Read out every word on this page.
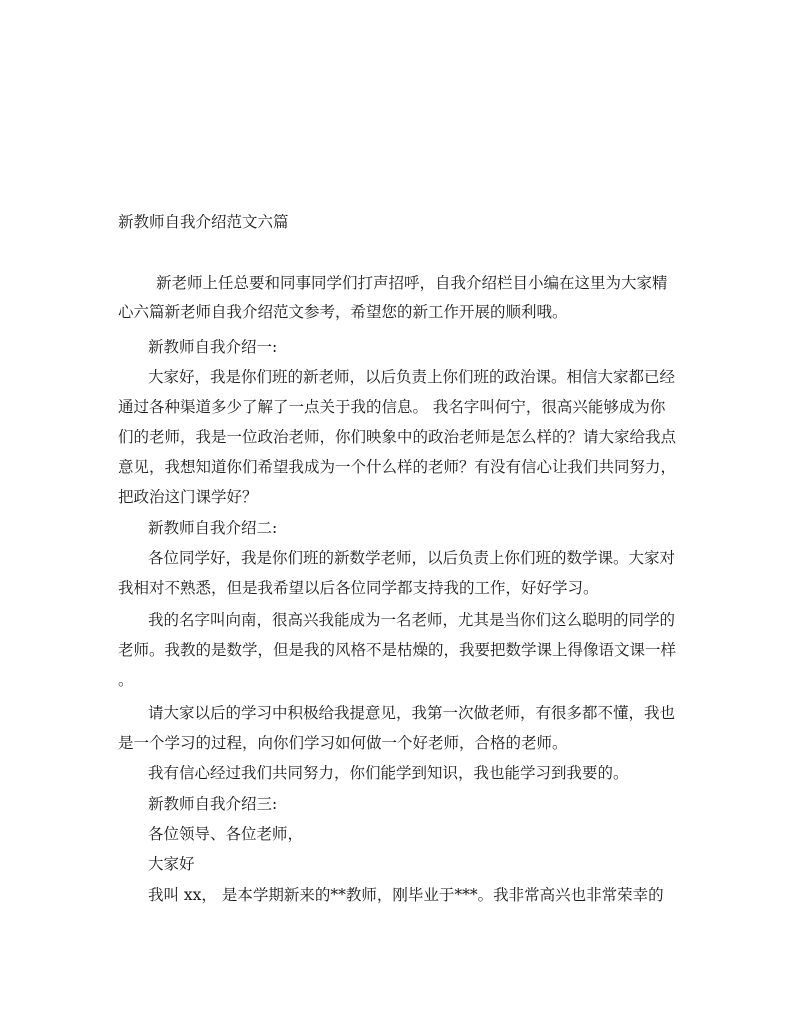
新教师自我介绍范文六篇

新老师上任总要和同事同学们打声招呼，自我介绍栏目小编在这里为大家精

心六篇新老师自我介绍范文参考，希望您的新工作开展的顺利哦。

新教师自我介绍一:

大家好，我是你们班的新老师，以后负责上你们班的政治课。相信大家都已经

通过各种渠道多少了解了一点关于我的信息。 我名字叫何宁，很高兴能够成为你

们的老师，我是一位政治老师，你们映象中的政治老师是怎么样的？请大家给我点

意见，我想知道你们希望我成为一个什么样的老师？有没有信心让我们共同努力，

把政治这门课学好？

新教师自我介绍二:

各位同学好，我是你们班的新数学老师，以后负责上你们班的数学课。大家对

我相对不熟悉，但是我希望以后各位同学都支持我的工作，好好学习。

我的名字叫向南，很高兴我能成为一名老师，尤其是当你们这么聪明的同学的

老师。我教的是数学，但是我的风格不是枯燥的，我要把数学课上得像语文课一样

。

请大家以后的学习中积极给我提意见，我第一次做老师，有很多都不懂，我也

是一个学习的过程，向你们学习如何做一个好老师，合格的老师。

我有信心经过我们共同努力，你们能学到知识，我也能学习到我要的。

新教师自我介绍三:

各位领导、各位老师，

大家好

我叫 xx， 是本学期新来的**教师，刚毕业于***。我非常高兴也非常荣幸的
